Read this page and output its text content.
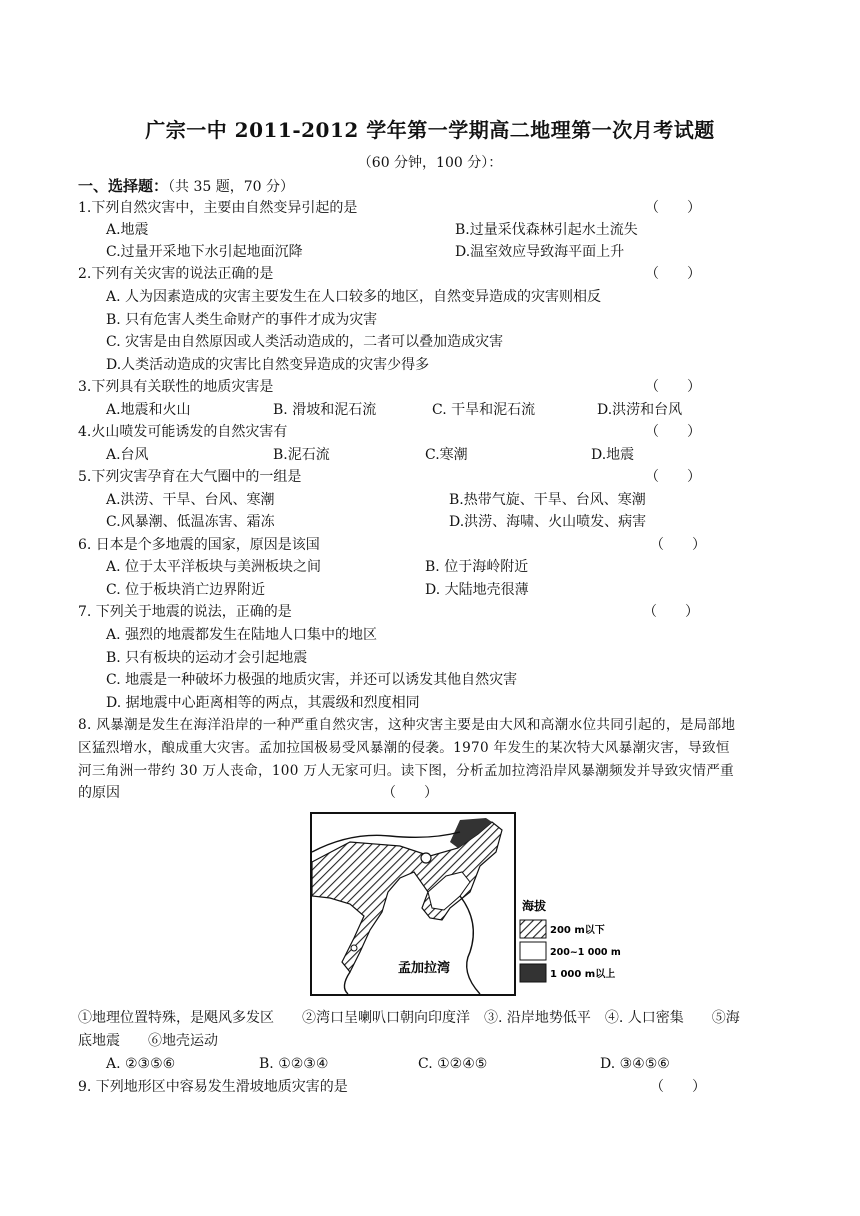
广宗一中 2011-2012 学年第一学期高二地理第一次月考试题
（60 分钟，100 分）：
一、选择题：（共 35 题，70 分）
1.下列自然灾害中，主要由自然变异引起的是	（　　）
A.地震	B.过量采伐森林引起水土流失
C.过量开采地下水引起地面沉降	D.温室效应导致海平面上升
2.下列有关灾害的说法正确的是	（　　）
A. 人为因素造成的灾害主要发生在人口较多的地区，自然变异造成的灾害则相反
B. 只有危害人类生命财产的事件才成为灾害
C. 灾害是由自然原因或人类活动造成的，二者可以叠加造成灾害
D.人类活动造成的灾害比自然变异造成的灾害少得多
3.下列具有关联性的地质灾害是	（　　）
A.地震和火山	B. 滑坡和泥石流	C. 干旱和泥石流	D.洪涝和台风
4.火山喷发可能诱发的自然灾害有	（　　）
A.台风	B.泥石流	C.寒潮	D.地震
5.下列灾害孕育在大气圈中的一组是	（　　）
A.洪涝、干旱、台风、寒潮	B.热带气旋、干旱、台风、寒潮
C.风暴潮、低温冻害、霜冻	D.洪涝、海啸、火山喷发、病害
6. 日本是个多地震的国家，原因是该国	（　　）
A. 位于太平洋板块与美洲板块之间	B. 位于海岭附近
C. 位于板块消亡边界附近	D. 大陆地壳很薄
7. 下列关于地震的说法，正确的是	（　　）
A. 强烈的地震都发生在陆地人口集中的地区
B. 只有板块的运动才会引起地震
C. 地震是一种破坏力极强的地质灾害，并还可以诱发其他自然灾害
D. 据地震中心距离相等的两点，其震级和烈度相同
8. 风暴潮是发生在海洋沿岸的一种严重自然灾害，这种灾害主要是由大风和高潮水位共同引起的，是局部地
区猛烈增水，酿成重大灾害。孟加拉国极易受风暴潮的侵袭。1970 年发生的某次特大风暴潮灾害，导致恒
河三角洲一带约 30 万人丧命，100 万人无家可归。读下图，分析孟加拉湾沿岸风暴潮频发并导致灾情严重
的原因	（　　）
孟加拉湾
海拔
200 m以下
200~1 000 m
1 000 m以上
①地理位置特殊，是飓风多发区　　②湾口呈喇叭口朝向印度洋　③. 沿岸地势低平　④. 人口密集　　⑤海
底地震　　⑥地壳运动
A. ②③⑤⑥	B. ①②③④	C. ①②④⑤	D. ③④⑤⑥
9. 下列地形区中容易发生滑坡地质灾害的是	（　　）
